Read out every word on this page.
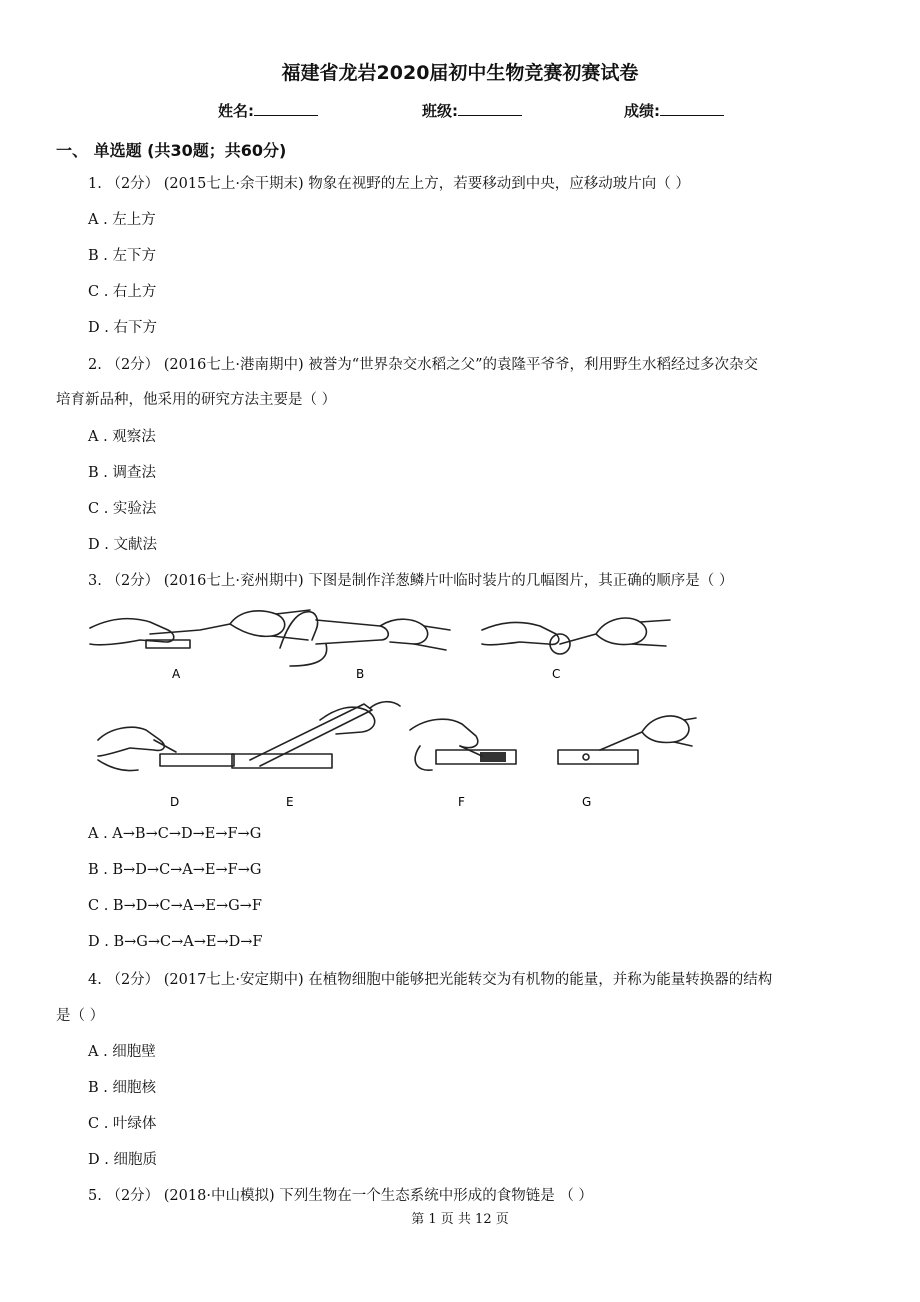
福建省龙岩2020届初中生物竞赛初赛试卷
姓名:	班级:	成绩:
一、 单选题 (共30题；共60分)
1. （2分） (2015七上·余干期末) 物象在视野的左上方，若要移动到中央，应移动玻片向（ ）
A . 左上方
B . 左下方
C . 右上方
D . 右下方
2. （2分） (2016七上·港南期中) 被誉为“世界杂交水稻之父”的袁隆平爷爷，利用野生水稻经过多次杂交
培育新品种，他采用的研究方法主要是（ ）
A . 观察法
B . 调查法
C . 实验法
D . 文献法
3. （2分） (2016七上·兖州期中) 下图是制作洋葱鳞片叶临时装片的几幅图片，其正确的顺序是（ ）
A	B	C
D	E	F	G
A . A→B→C→D→E→F→G
B . B→D→C→A→E→F→G
C . B→D→C→A→E→G→F
D . B→G→C→A→E→D→F
4. （2分） (2017七上·安定期中) 在植物细胞中能够把光能转交为有机物的能量，并称为能量转换器的结构
是（ ）
A . 细胞壁
B . 细胞核
C . 叶绿体
D . 细胞质
5. （2分） (2018·中山模拟) 下列生物在一个生态系统中形成的食物链是 （ ）
第 1 页 共 12 页
